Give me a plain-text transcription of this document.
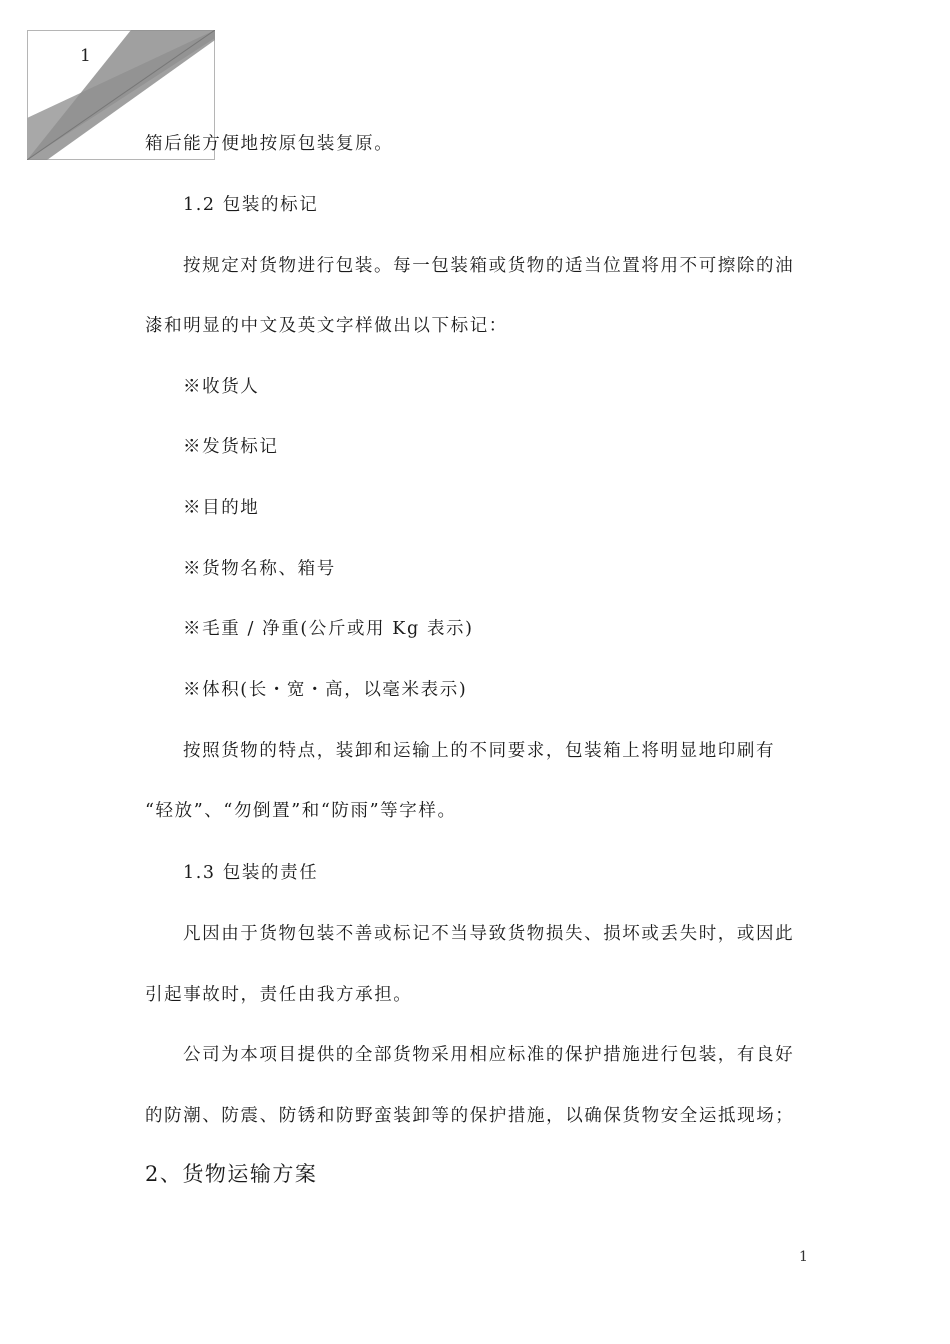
1
箱后能方便地按原包装复原。
1.2 包装的标记
按规定对货物进行包装。每一包装箱或货物的适当位置将用不可擦除的油
漆和明显的中文及英文字样做出以下标记：
※收货人
※发货标记
※目的地
※货物名称、箱号
※毛重 / 净重(公斤或用 Kg 表示)
※体积(长・宽・高，以毫米表示)
按照货物的特点，装卸和运输上的不同要求，包装箱上将明显地印刷有
“轻放”、“勿倒置”和“防雨”等字样。
1.3 包装的责任
凡因由于货物包装不善或标记不当导致货物损失、损坏或丢失时，或因此
引起事故时，责任由我方承担。
公司为本项目提供的全部货物采用相应标准的保护措施进行包装，有良好
的防潮、防震、防锈和防野蛮装卸等的保护措施，以确保货物安全运抵现场；
2、货物运输方案
1
